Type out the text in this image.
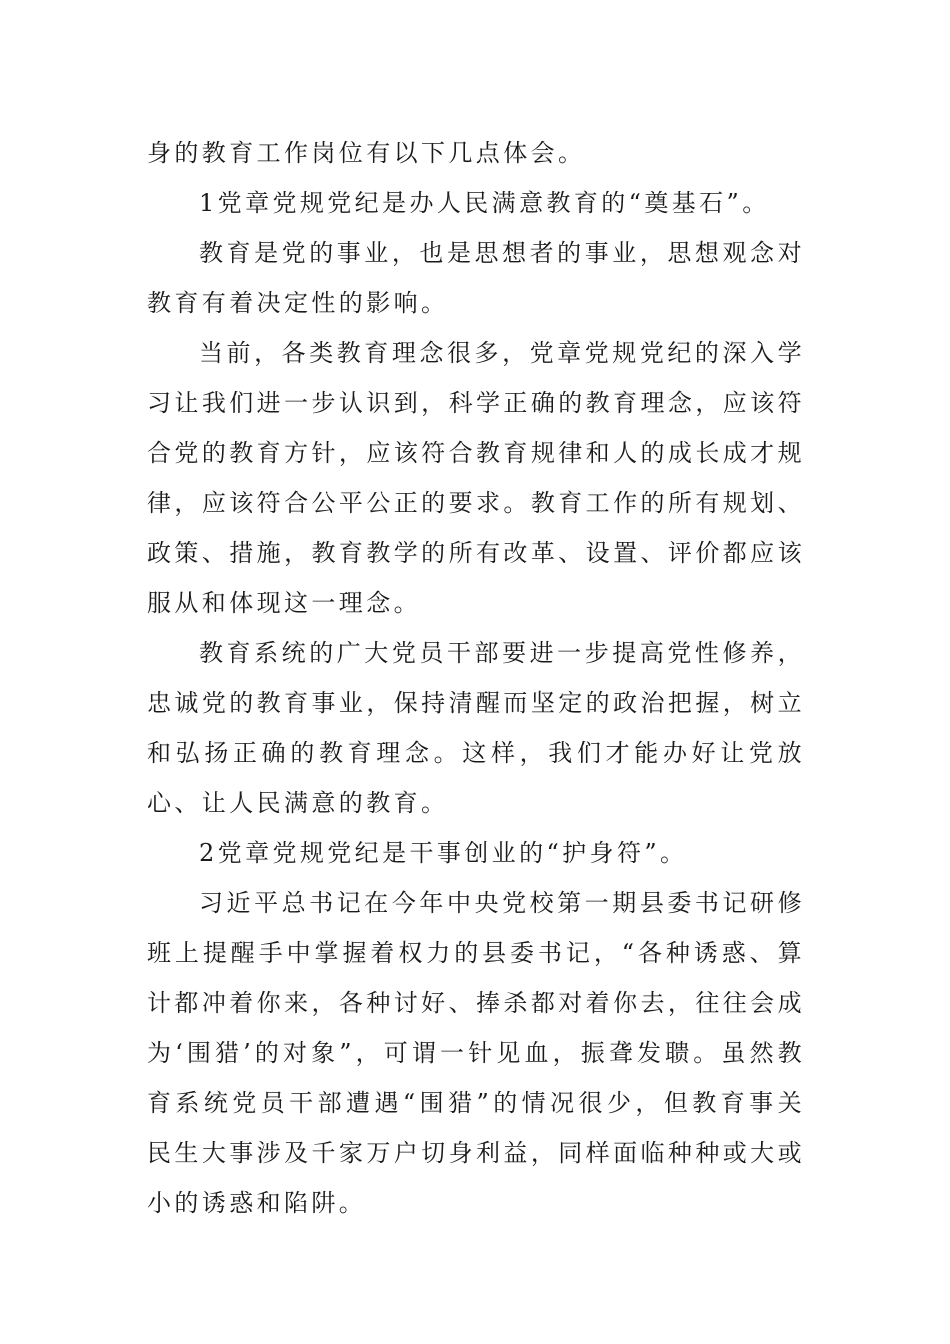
身的教育工作岗位有以下几点体会。

1党章党规党纪是办人民满意教育的“奠基石”。

教育是党的事业，也是思想者的事业，思想观念对教育有着决定性的影响。

当前，各类教育理念很多，党章党规党纪的深入学习让我们进一步认识到，科学正确的教育理念，应该符合党的教育方针，应该符合教育规律和人的成长成才规律，应该符合公平公正的要求。教育工作的所有规划、政策、措施，教育教学的所有改革、设置、评价都应该服从和体现这一理念。

教育系统的广大党员干部要进一步提高党性修养，忠诚党的教育事业，保持清醒而坚定的政治把握，树立和弘扬正确的教育理念。这样，我们才能办好让党放心、让人民满意的教育。

2党章党规党纪是干事创业的“护身符”。

习近平总书记在今年中央党校第一期县委书记研修班上提醒手中掌握着权力的县委书记，“各种诱惑、算计都冲着你来，各种讨好、捧杀都对着你去，往往会成为‘围猎’的对象”，可谓一针见血，振聋发聩。虽然教育系统党员干部遭遇“围猎”的情况很少，但教育事关民生大事涉及千家万户切身利益，同样面临种种或大或小的诱惑和陷阱。
